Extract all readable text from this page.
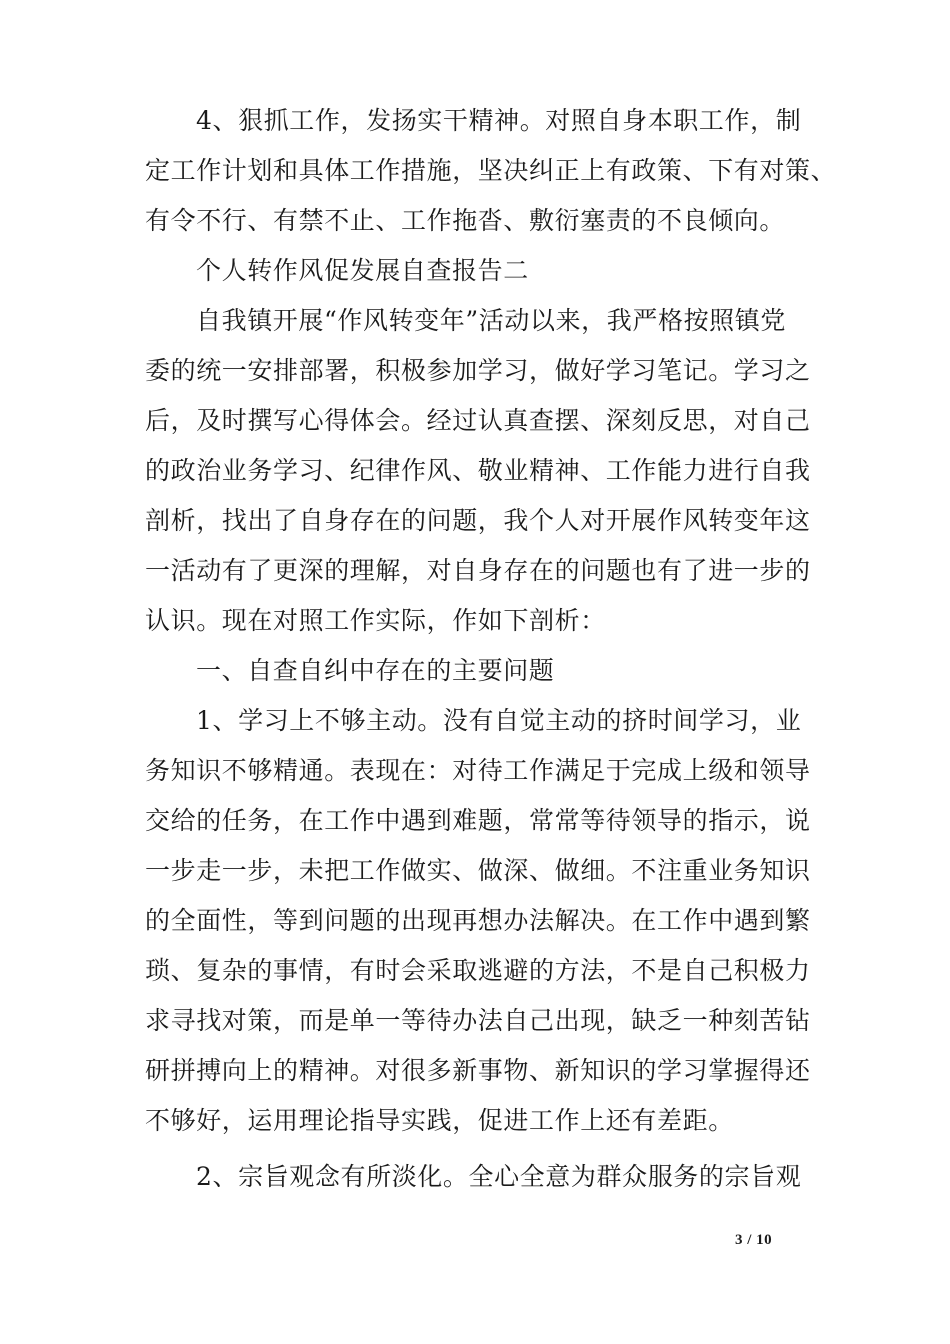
4、狠抓工作，发扬实干精神。对照自身本职工作，制
定工作计划和具体工作措施，坚决纠正上有政策、下有对策、
有令不行、有禁不止、工作拖沓、敷衍塞责的不良倾向。
个人转作风促发展自查报告二
自我镇开展“作风转变年”活动以来，我严格按照镇党
委的统一安排部署，积极参加学习，做好学习笔记。学习之
后，及时撰写心得体会。经过认真查摆、深刻反思，对自己
的政治业务学习、纪律作风、敬业精神、工作能力进行自我
剖析，找出了自身存在的问题，我个人对开展作风转变年这
一活动有了更深的理解，对自身存在的问题也有了进一步的
认识。现在对照工作实际，作如下剖析：
一、自查自纠中存在的主要问题
1、学习上不够主动。没有自觉主动的挤时间学习，业
务知识不够精通。表现在：对待工作满足于完成上级和领导
交给的任务，在工作中遇到难题，常常等待领导的指示，说
一步走一步，未把工作做实、做深、做细。不注重业务知识
的全面性，等到问题的出现再想办法解决。在工作中遇到繁
琐、复杂的事情，有时会采取逃避的方法，不是自己积极力
求寻找对策，而是单一等待办法自己出现，缺乏一种刻苦钻
研拼搏向上的精神。对很多新事物、新知识的学习掌握得还
不够好，运用理论指导实践，促进工作上还有差距。
2、宗旨观念有所淡化。全心全意为群众服务的宗旨观
3 / 10
